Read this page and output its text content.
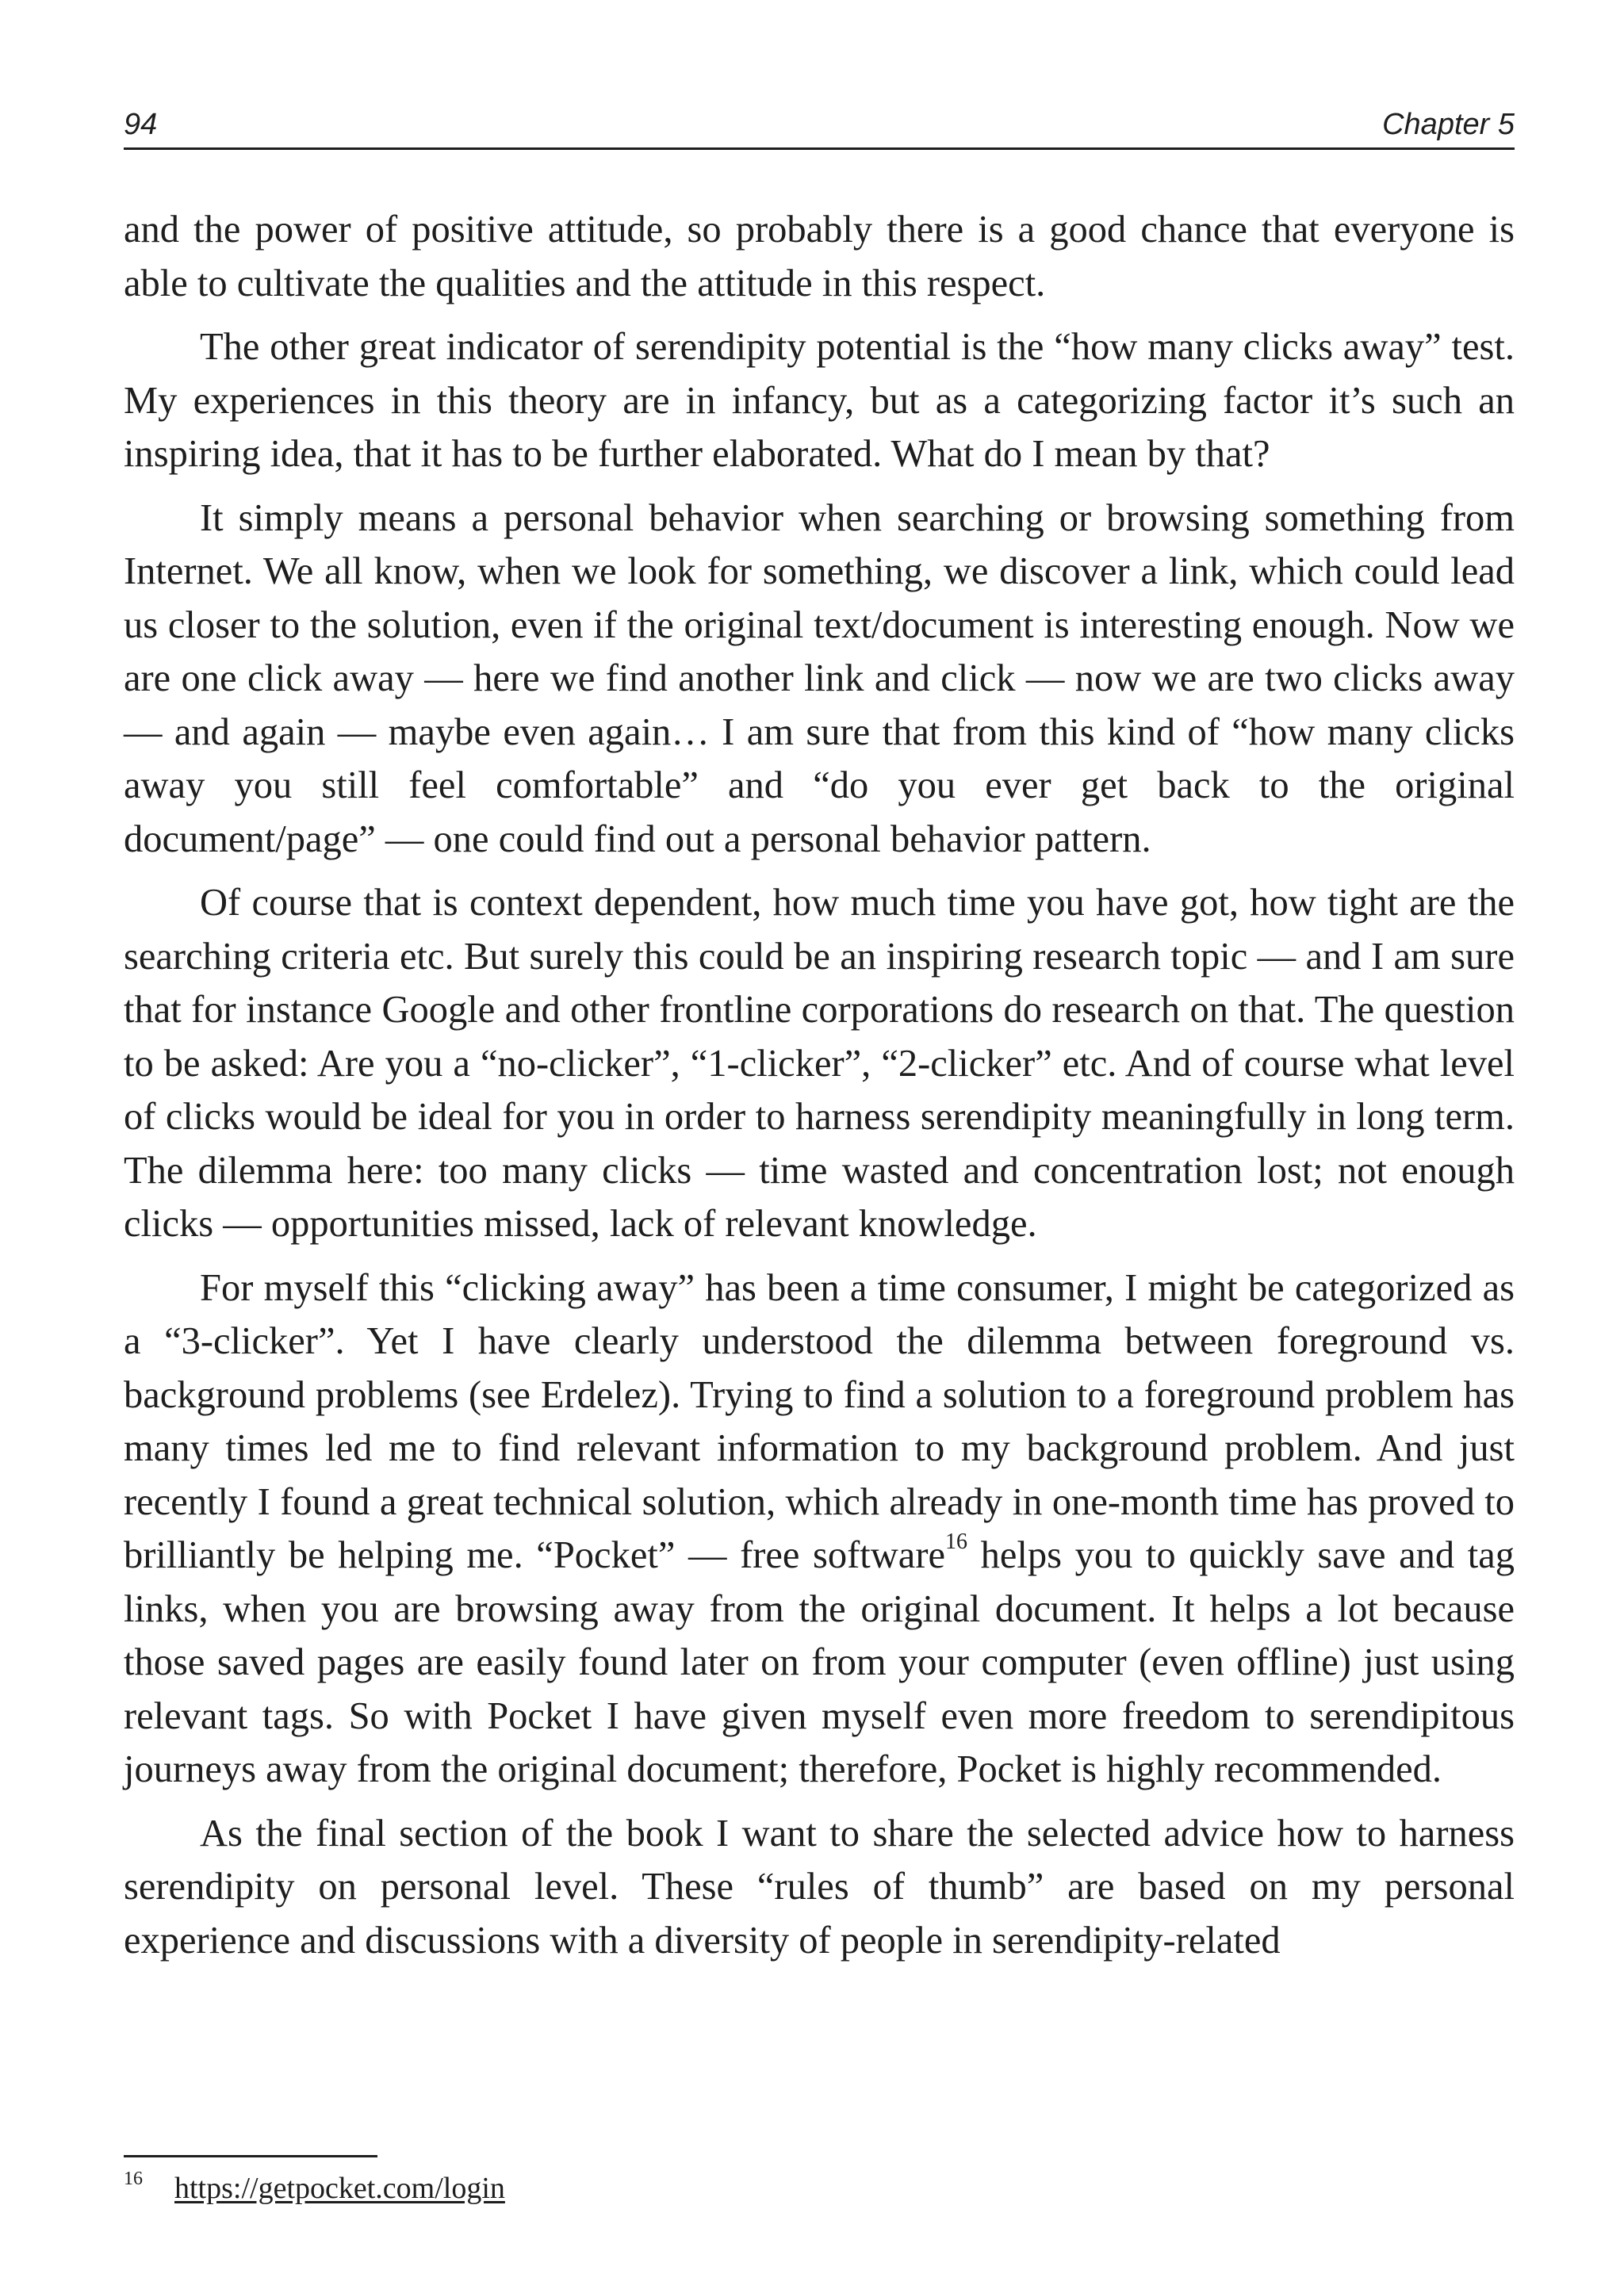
94	Chapter 5

and the power of positive attitude, so probably there is a good chance that everyone is able to cultivate the qualities and the attitude in this respect.

The other great indicator of serendipity potential is the “how many clicks away” test. My experiences in this theory are in infancy, but as a categorizing factor it’s such an inspiring idea, that it has to be further elaborated. What do I mean by that?

It simply means a personal behavior when searching or browsing something from Internet. We all know, when we look for something, we discover a link, which could lead us closer to the solution, even if the original text/document is interesting enough. Now we are one click away — here we find another link and click — now we are two clicks away — and again — maybe even again… I am sure that from this kind of “how many clicks away you still feel comfortable” and “do you ever get back to the original document/page” — one could find out a personal behavior pattern.

Of course that is context dependent, how much time you have got, how tight are the searching criteria etc. But surely this could be an inspiring research topic — and I am sure that for instance Google and other frontline corporations do research on that. The question to be asked: Are you a “no-clicker”, “1-clicker”, “2-clicker” etc. And of course what level of clicks would be ideal for you in order to harness serendipity meaningfully in long term. The dilemma here: too many clicks — time wasted and concentration lost; not enough clicks — opportunities missed, lack of relevant knowledge.

For myself this “clicking away” has been a time consumer, I might be categorized as a “3-clicker”. Yet I have clearly understood the dilemma between foreground vs. background problems (see Erdelez). Trying to find a solution to a foreground problem has many times led me to find relevant information to my background problem. And just recently I found a great technical solution, which already in one-month time has proved to brilliantly be helping me. “Pocket” — free software$^{16}$ helps you to quickly save and tag links, when you are browsing away from the original document. It helps a lot because those saved pages are easily found later on from your computer (even offline) just using relevant tags. So with Pocket I have given myself even more freedom to serendipitous journeys away from the original document; therefore, Pocket is highly recommended.

As the final section of the book I want to share the selected advice how to harness serendipity on personal level. These “rules of thumb” are based on my personal experience and discussions with a diversity of people in serendipity-related

16 https://getpocket.com/login
